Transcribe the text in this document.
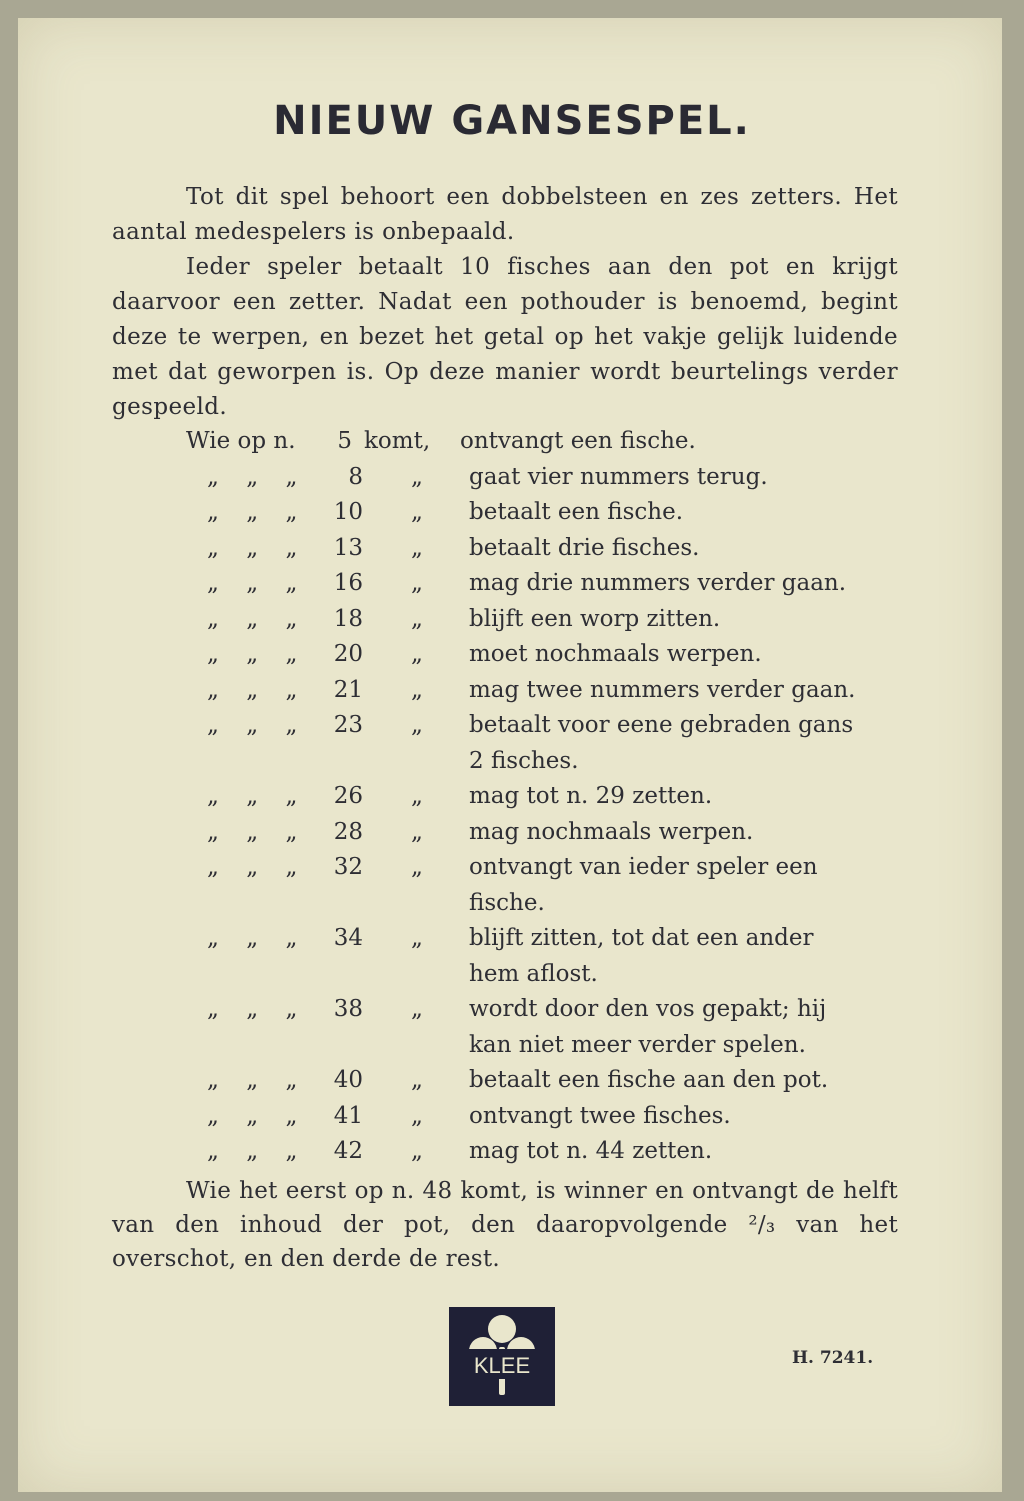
NIEUW GANSESPEL.

Tot dit spel behoort een dobbelsteen en zes zetters. Het aantal medespelers is onbepaald.

Ieder speler betaalt 10 fisches aan den pot en krijgt daarvoor een zetter. Nadat een pothouder is benoemd, begint deze te werpen, en bezet het getal op het vakje gelijk luidende met dat geworpen is. Op deze manier wordt beurtelings verder gespeeld.

Wie op n.	5 komt,	ontvangt een fische.
„ „ „	8	„	gaat vier nummers terug.
„ „ „	10	„	betaalt een fische.
„ „ „	13	„	betaalt drie fisches.
„ „ „	16	„	mag drie nummers verder gaan.
„ „ „	18	„	blijft een worp zitten.
„ „ „	20	„	moet nochmaals werpen.
„ „ „	21	„	mag twee nummers verder gaan.
„ „ „	23	„	betaalt voor eene gebraden gans
2 fisches.
„ „ „	26	„	mag tot n. 29 zetten.
„ „ „	28	„	mag nochmaals werpen.
„ „ „	32	„	ontvangt van ieder speler een
fische.
„ „ „	34	„	blijft zitten, tot dat een ander
hem aflost.
„ „ „	38	„	wordt door den vos gepakt; hij
kan niet meer verder spelen.
„ „ „	40	„	betaalt een fische aan den pot.
„ „ „	41	„	ontvangt twee fisches.
„ „ „	42	„	mag tot n. 44 zetten.

Wie het eerst op n. 48 komt, is winner en ontvangt de helft van den inhoud der pot, den daaropvolgende ²/₃ van het overschot, en den derde de rest.

KLEE	H. 7241.
